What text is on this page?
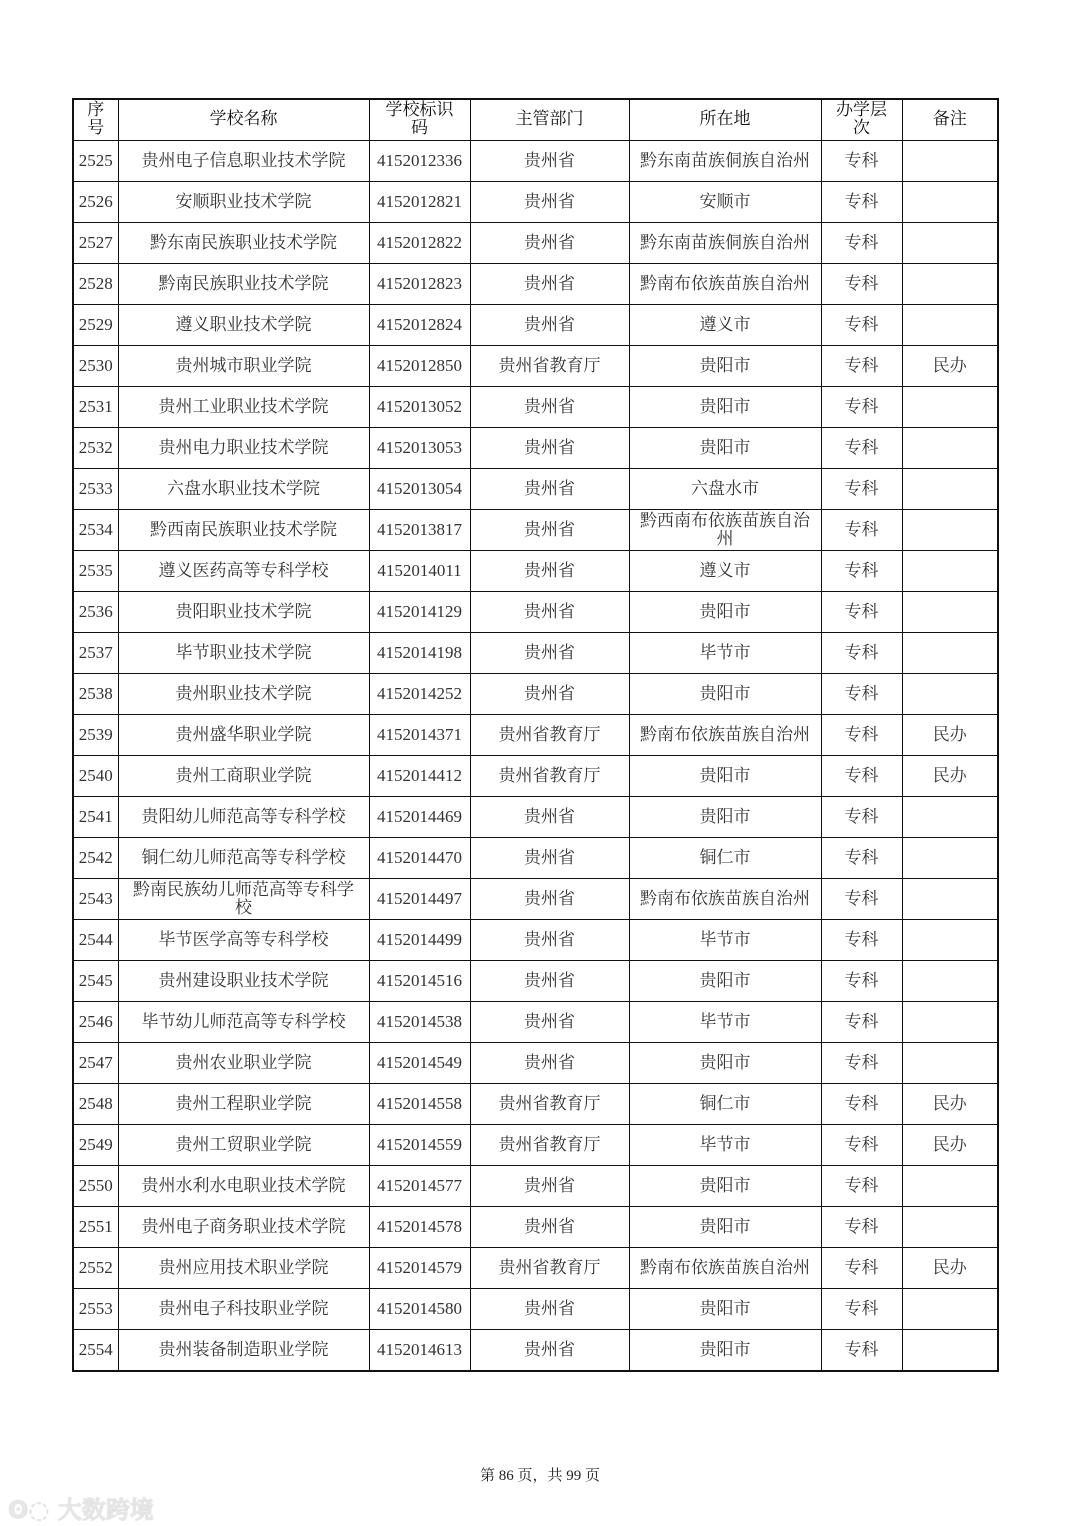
序号	学校名称	学校标识码	主管部门	所在地	办学层次	备注
2525	贵州电子信息职业技术学院	4152012336	贵州省	黔东南苗族侗族自治州	专科	
2526	安顺职业技术学院	4152012821	贵州省	安顺市	专科	
2527	黔东南民族职业技术学院	4152012822	贵州省	黔东南苗族侗族自治州	专科	
2528	黔南民族职业技术学院	4152012823	贵州省	黔南布依族苗族自治州	专科	
2529	遵义职业技术学院	4152012824	贵州省	遵义市	专科	
2530	贵州城市职业学院	4152012850	贵州省教育厅	贵阳市	专科	民办
2531	贵州工业职业技术学院	4152013052	贵州省	贵阳市	专科	
2532	贵州电力职业技术学院	4152013053	贵州省	贵阳市	专科	
2533	六盘水职业技术学院	4152013054	贵州省	六盘水市	专科	
2534	黔西南民族职业技术学院	4152013817	贵州省	黔西南布依族苗族自治州	专科	
2535	遵义医药高等专科学校	4152014011	贵州省	遵义市	专科	
2536	贵阳职业技术学院	4152014129	贵州省	贵阳市	专科	
2537	毕节职业技术学院	4152014198	贵州省	毕节市	专科	
2538	贵州职业技术学院	4152014252	贵州省	贵阳市	专科	
2539	贵州盛华职业学院	4152014371	贵州省教育厅	黔南布依族苗族自治州	专科	民办
2540	贵州工商职业学院	4152014412	贵州省教育厅	贵阳市	专科	民办
2541	贵阳幼儿师范高等专科学校	4152014469	贵州省	贵阳市	专科	
2542	铜仁幼儿师范高等专科学校	4152014470	贵州省	铜仁市	专科	
2543	黔南民族幼儿师范高等专科学校	4152014497	贵州省	黔南布依族苗族自治州	专科	
2544	毕节医学高等专科学校	4152014499	贵州省	毕节市	专科	
2545	贵州建设职业技术学院	4152014516	贵州省	贵阳市	专科	
2546	毕节幼儿师范高等专科学校	4152014538	贵州省	毕节市	专科	
2547	贵州农业职业学院	4152014549	贵州省	贵阳市	专科	
2548	贵州工程职业学院	4152014558	贵州省教育厅	铜仁市	专科	民办
2549	贵州工贸职业学院	4152014559	贵州省教育厅	毕节市	专科	民办
2550	贵州水利水电职业技术学院	4152014577	贵州省	贵阳市	专科	
2551	贵州电子商务职业技术学院	4152014578	贵州省	贵阳市	专科	
2552	贵州应用技术职业学院	4152014579	贵州省教育厅	黔南布依族苗族自治州	专科	民办
2553	贵州电子科技职业学院	4152014580	贵州省	贵阳市	专科	
2554	贵州装备制造职业学院	4152014613	贵州省	贵阳市	专科	
第 86 页，共 99 页
ʘ◌ 大数跨境
